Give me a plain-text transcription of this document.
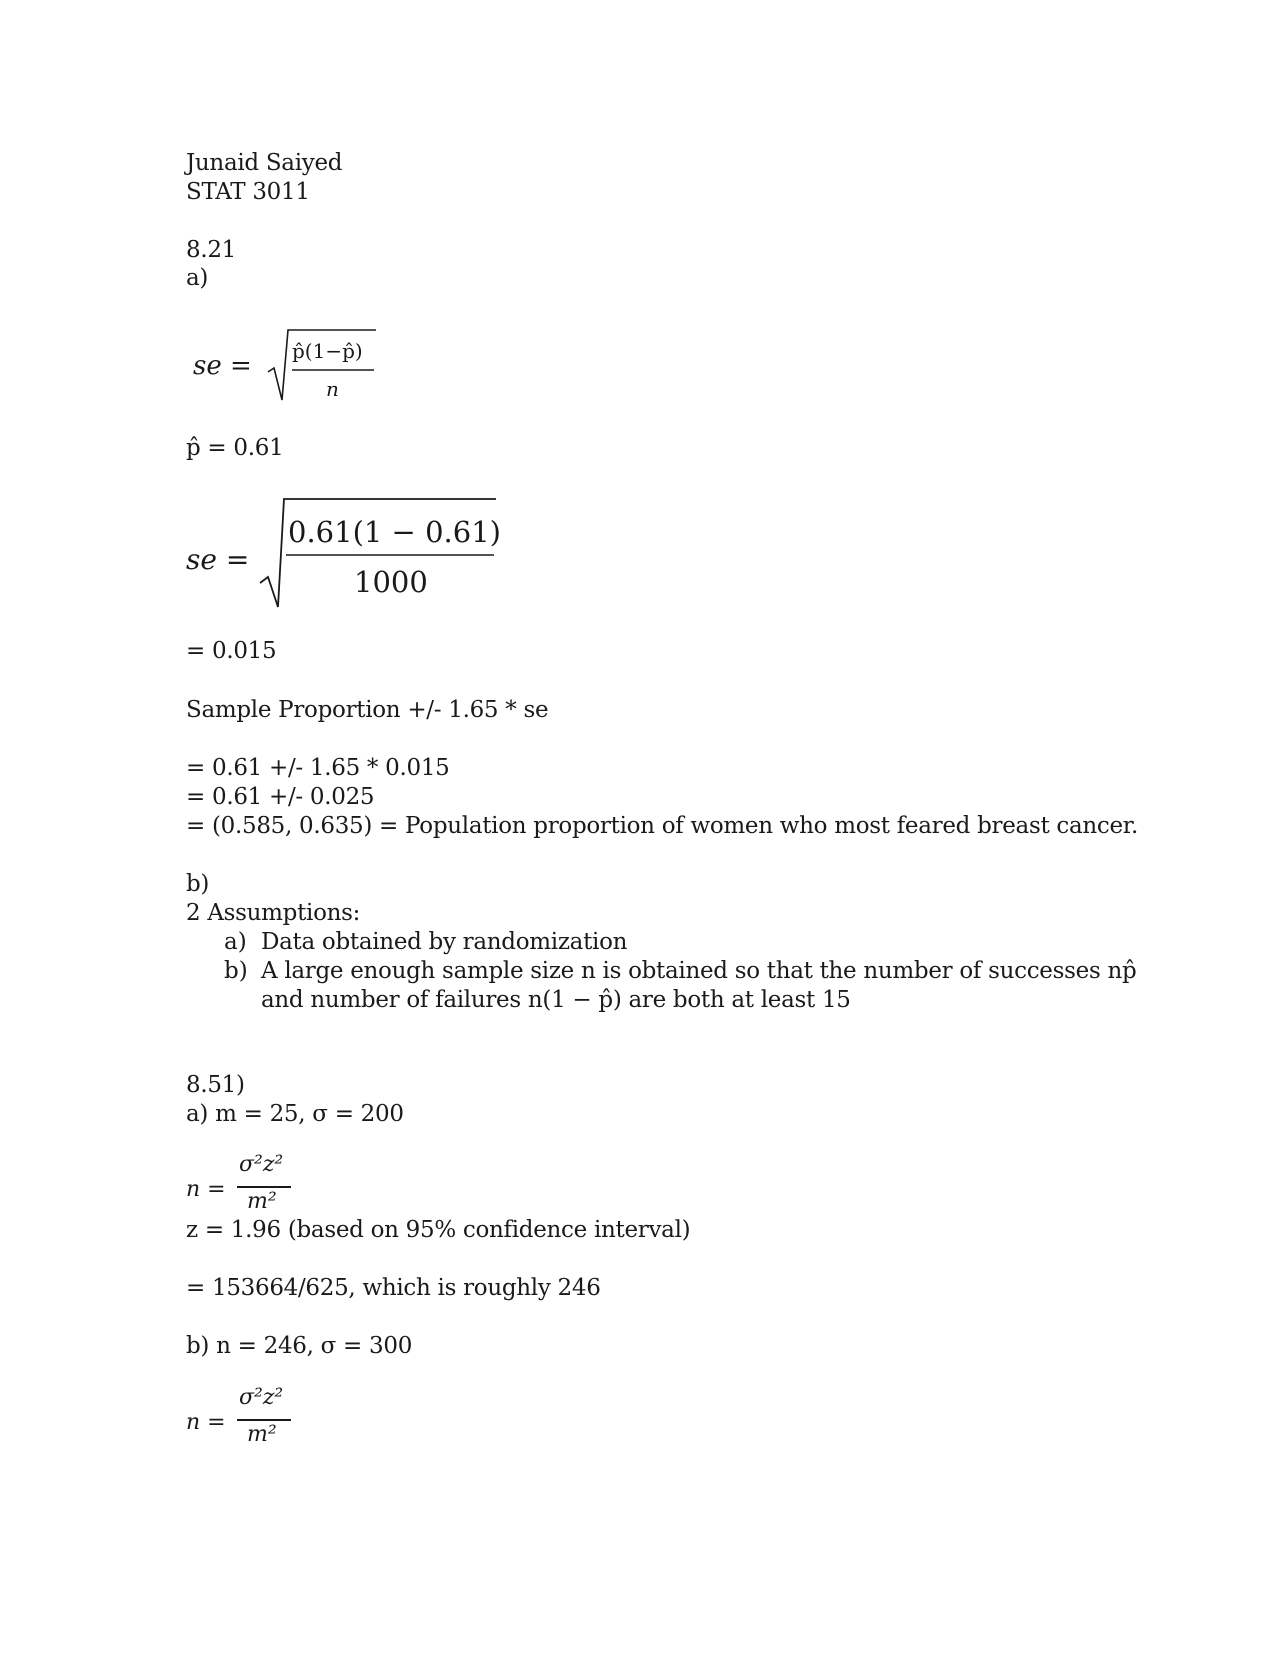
Junaid Saiyed
STAT 3011
8.21
a)
se = p̂(1−p̂)
n
p̂ = 0.61
se =
0.61(1 − 0.61)
1000
= 0.015
Sample Proportion +/- 1.65 * se
= 0.61 +/- 1.65 * 0.015
= 0.61 +/- 0.025
= (0.585, 0.635) = Population proportion of women who most feared breast cancer.
b)
2 Assumptions:
a) Data obtained by randomization
b) A large enough sample size n is obtained so that the number of successes np̂
and number of failures n(1 − p̂) are both at least 15
8.51)
a) m = 25, σ = 200
n =
σ²z²
m²
z = 1.96 (based on 95% confidence interval)
= 153664/625, which is roughly 246
b) n = 246, σ = 300
n =
σ²z²
m²
